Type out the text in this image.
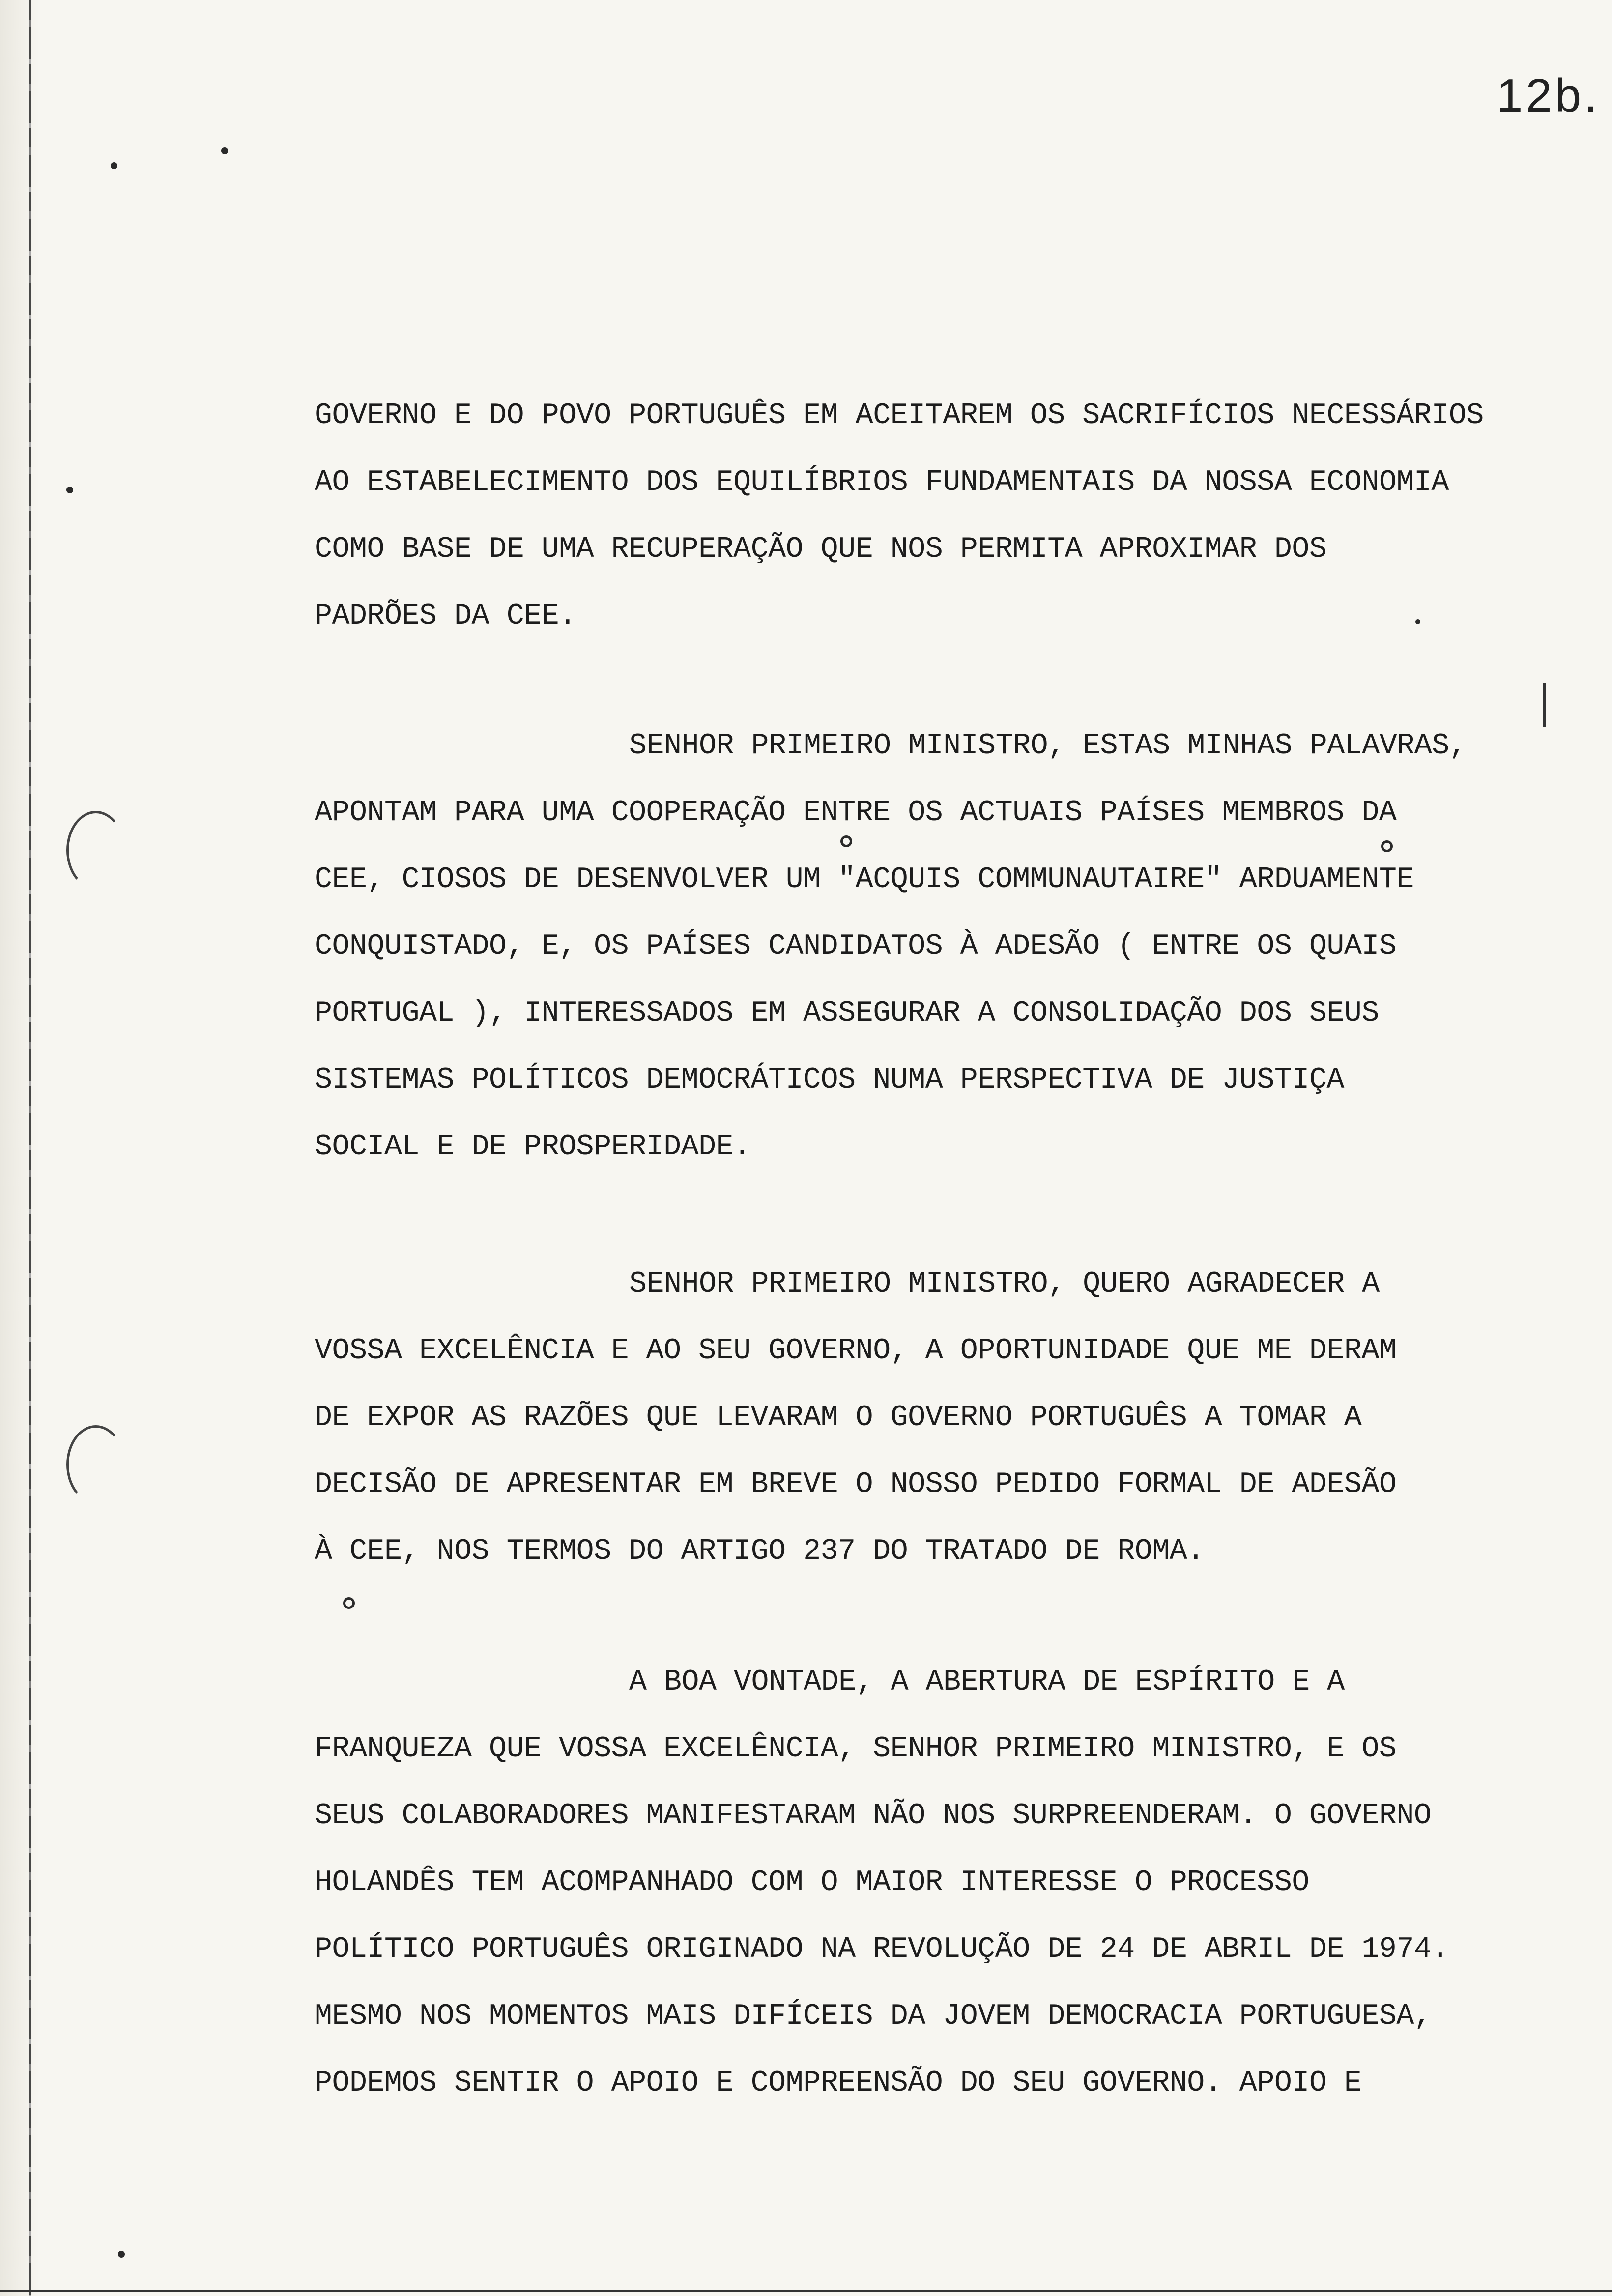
12b.
GOVERNO E DO POVO PORTUGUÊS EM ACEITAREM OS SACRIFÍCIOS NECESSÁRIOS
AO ESTABELECIMENTO DOS EQUILÍBRIOS FUNDAMENTAIS DA NOSSA ECONOMIA
COMO BASE DE UMA RECUPERAÇÃO QUE NOS PERMITA APROXIMAR DOS
PADRÕES DA CEE.
SENHOR PRIMEIRO MINISTRO, ESTAS MINHAS PALAVRAS,
APONTAM PARA UMA COOPERAÇÃO ENTRE OS ACTUAIS PAÍSES MEMBROS DA
CEE, CIOSOS DE DESENVOLVER UM "ACQUIS COMMUNAUTAIRE" ARDUAMENTE
CONQUISTADO, E, OS PAÍSES CANDIDATOS À ADESÃO ( ENTRE OS QUAIS
PORTUGAL ), INTERESSADOS EM ASSEGURAR A CONSOLIDAÇÃO DOS SEUS
SISTEMAS POLÍTICOS DEMOCRÁTICOS NUMA PERSPECTIVA DE JUSTIÇA
SOCIAL E DE PROSPERIDADE.
SENHOR PRIMEIRO MINISTRO, QUERO AGRADECER A
VOSSA EXCELÊNCIA E AO SEU GOVERNO, A OPORTUNIDADE QUE ME DERAM
DE EXPOR AS RAZÕES QUE LEVARAM O GOVERNO PORTUGUÊS A TOMAR A
DECISÃO DE APRESENTAR EM BREVE O NOSSO PEDIDO FORMAL DE ADESÃO
À CEE, NOS TERMOS DO ARTIGO 237 DO TRATADO DE ROMA.
A BOA VONTADE, A ABERTURA DE ESPÍRITO E A
FRANQUEZA QUE VOSSA EXCELÊNCIA, SENHOR PRIMEIRO MINISTRO, E OS
SEUS COLABORADORES MANIFESTARAM NÃO NOS SURPREENDERAM. O GOVERNO
HOLANDÊS TEM ACOMPANHADO COM O MAIOR INTERESSE O PROCESSO
POLÍTICO PORTUGUÊS ORIGINADO NA REVOLUÇÃO DE 24 DE ABRIL DE 1974.
MESMO NOS MOMENTOS MAIS DIFÍCEIS DA JOVEM DEMOCRACIA PORTUGUESA,
PODEMOS SENTIR O APOIO E COMPREENSÃO DO SEU GOVERNO. APOIO E
